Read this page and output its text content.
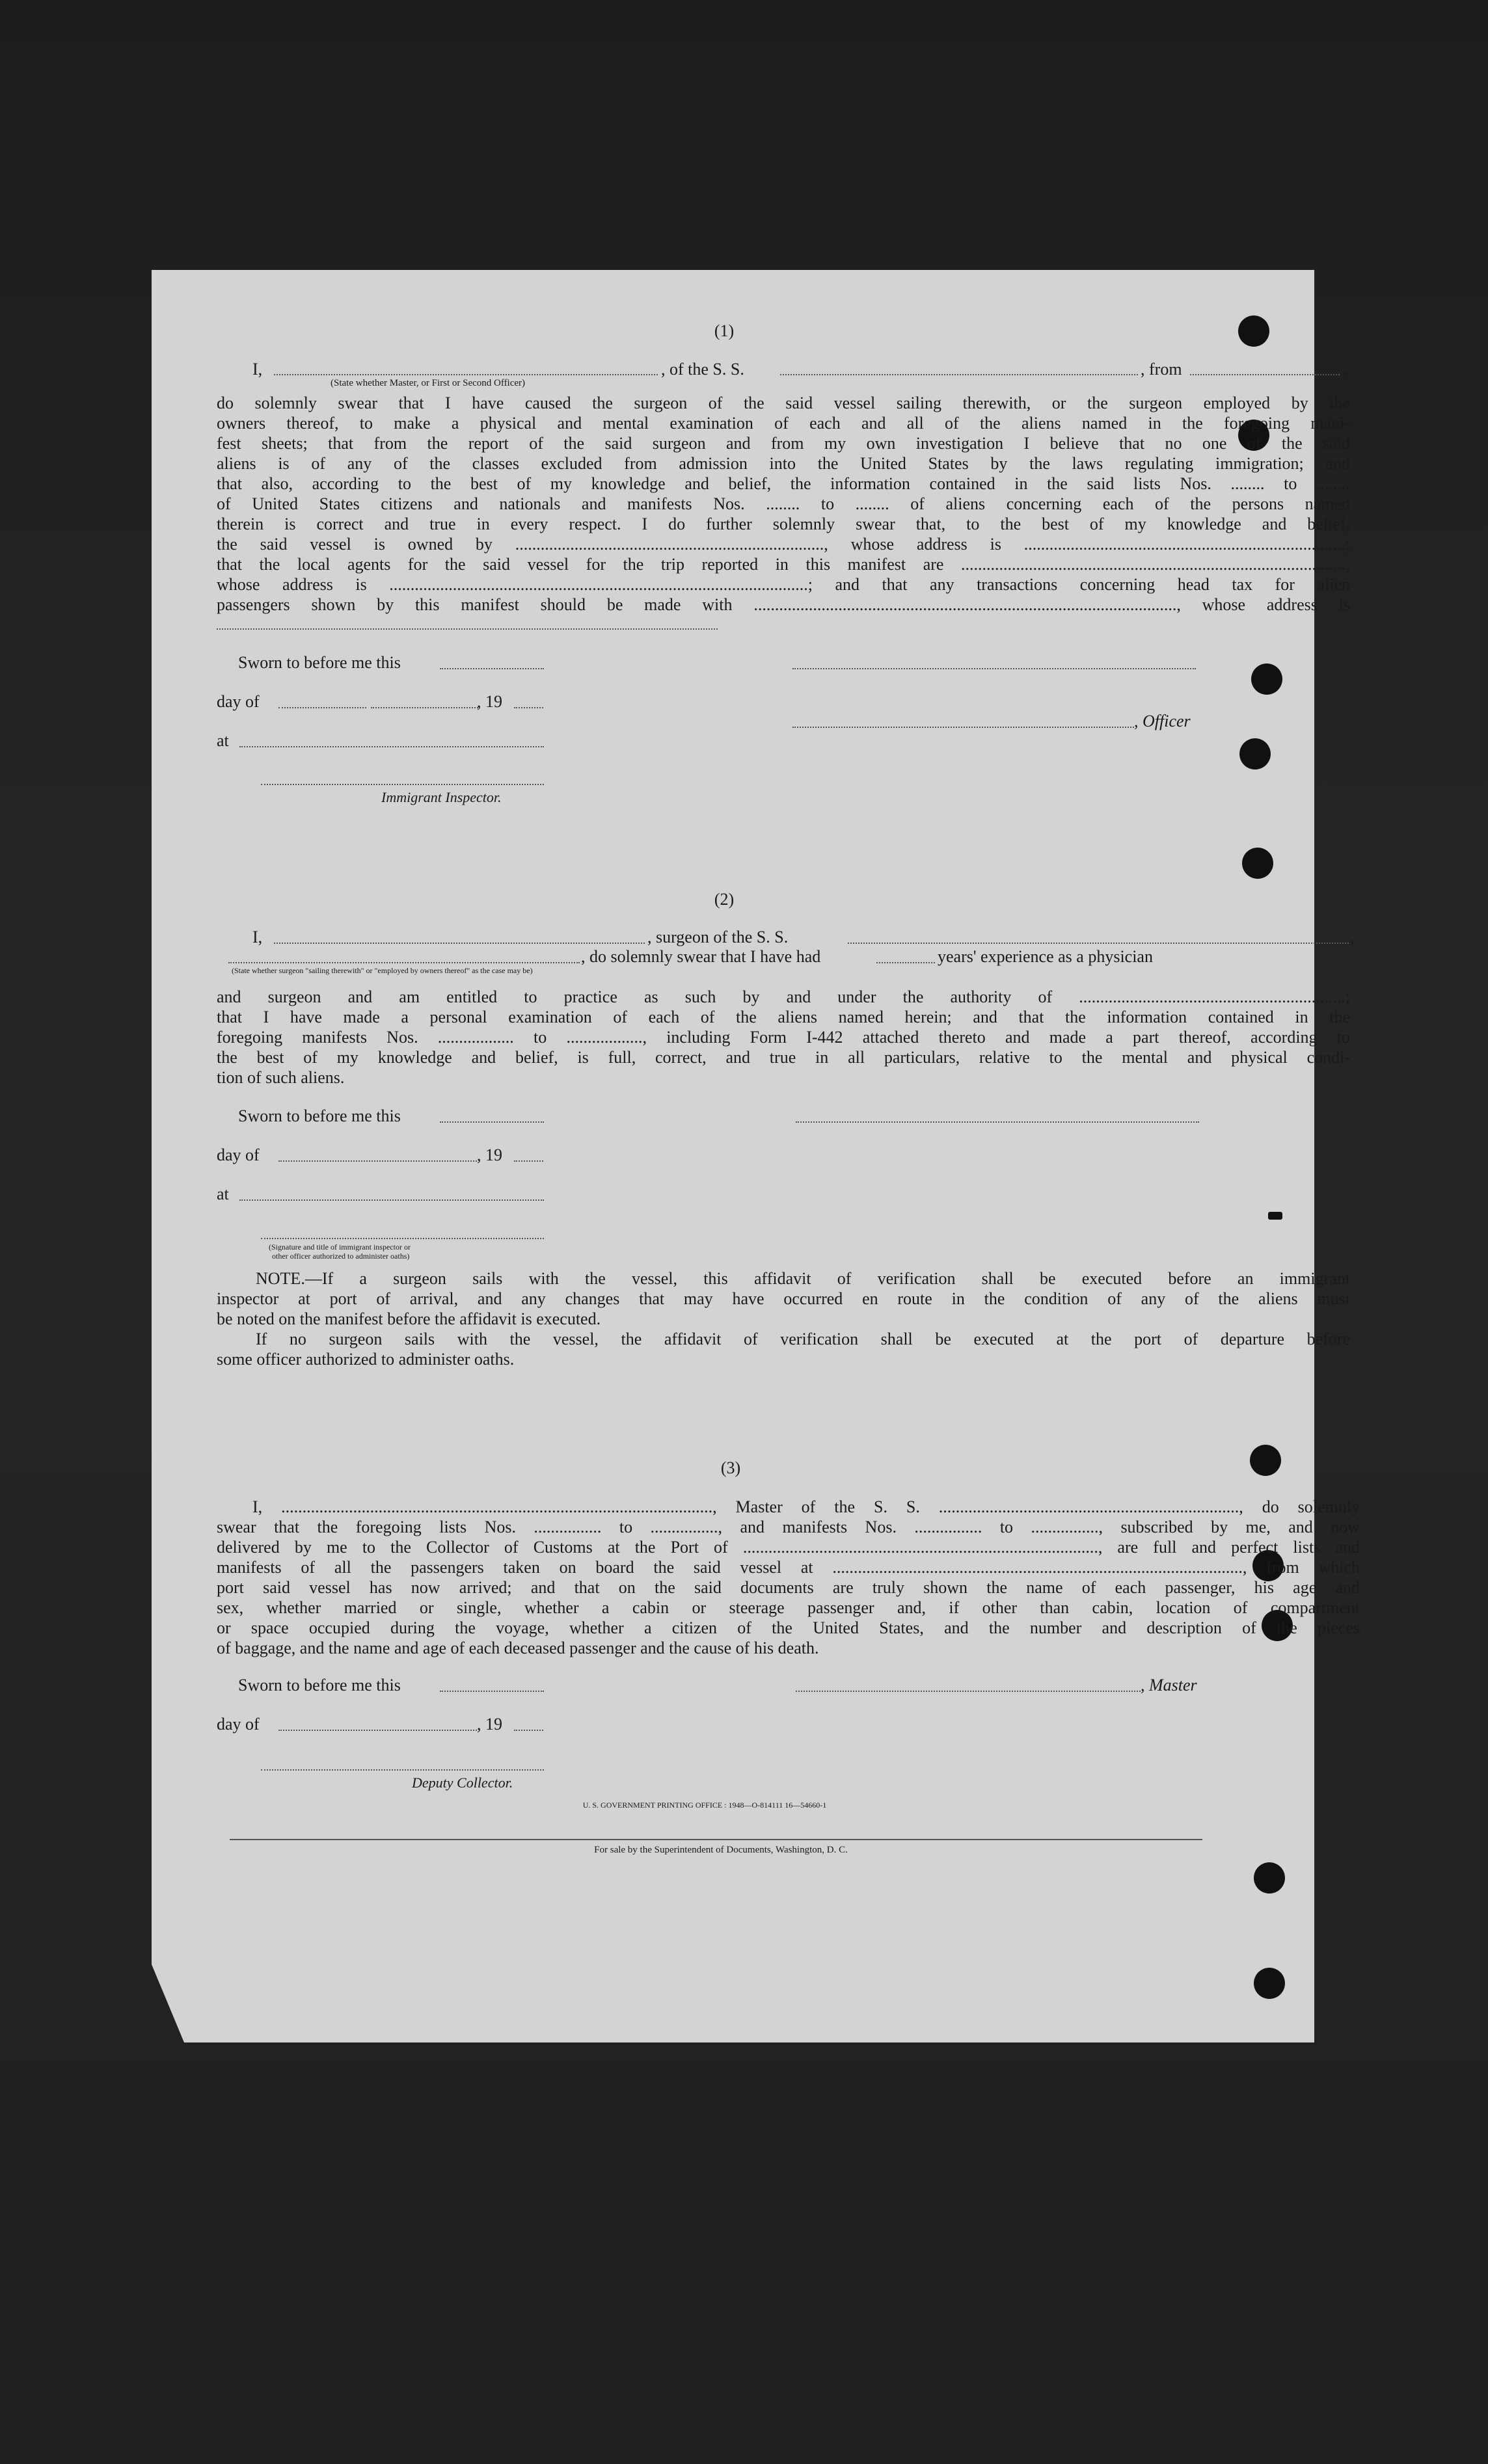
(1)
I,	, of the S. S.	, from	,
(State whether Master, or First or Second Officer)
do solemnly swear that I have caused the surgeon of the said vessel sailing therewith, or the surgeon employed by the
owners thereof, to make a physical and mental examination of each and all of the aliens named in the foregoing mani-
fest sheets; that from the report of the said surgeon and from my own investigation I believe that no one of the said
aliens is of any of the classes excluded from admission into the United States by the laws regulating immigration; and
that also, according to the best of my knowledge and belief, the information contained in the said lists Nos. ........ to ........
of United States citizens and nationals and manifests Nos. ........ to ........ of aliens concerning each of the persons named
therein is correct and true in every respect. I do further solemnly swear that, to the best of my knowledge and belief,
the said vessel is owned by ........................................................................., whose address is ............................................................................;
that the local agents for the said vessel for the trip reported in this manifest are ...........................................................................................,
whose address is ...................................................................................................; and that any transactions concerning head tax for alien
passengers shown by this manifest should be made with ...................................................................................................., whose address is
Sworn to before me this
day of	, 19
, Officer
at
Immigrant Inspector.
(2)
I,	, surgeon of the S. S.	,
, do solemnly swear that I have had	years' experience as a physician
(State whether surgeon "sailing therewith" or "employed by owners thereof" as the case may be)
and surgeon and am entitled to practice as such by and under the authority of ...............................................................;
that I have made a personal examination of each of the aliens named herein; and that the information contained in the
foregoing manifests Nos. .................. to .................., including Form I-442 attached thereto and made a part thereof, according to
the best of my knowledge and belief, is full, correct, and true in all particulars, relative to the mental and physical condi-
tion of such aliens.
Sworn to before me this
day of	, 19
at
(Signature and title of immigrant inspector or
other officer authorized to administer oaths)
NOTE.—If a surgeon sails with the vessel, this affidavit of verification shall be executed before an immigrant
inspector at port of arrival, and any changes that may have occurred en route in the condition of any of the aliens must
be noted on the manifest before the affidavit is executed.
If no surgeon sails with the vessel, the affidavit of verification shall be executed at the port of departure before
some officer authorized to administer oaths.
(3)
I, ......................................................................................................, Master of the S. S. ......................................................................., do solemnly
swear that the foregoing lists Nos. ................ to ................, and manifests Nos. ................ to ................, subscribed by me, and now
delivered by me to the Collector of Customs at the Port of ...................................................................................., are full and perfect lists and
manifests of all the passengers taken on board the said vessel at ................................................................................................., from which
port said vessel has now arrived; and that on the said documents are truly shown the name of each passenger, his age and
sex, whether married or single, whether a cabin or steerage passenger and, if other than cabin, location of compartment
or space occupied during the voyage, whether a citizen of the United States, and the number and description of the pieces
of baggage, and the name and age of each deceased passenger and the cause of his death.
Sworn to before me this	, Master
day of	, 19
Deputy Collector.
U. S. GOVERNMENT PRINTING OFFICE : 1948—O-814111 16—54660-1
For sale by the Superintendent of Documents, Washington, D. C.
